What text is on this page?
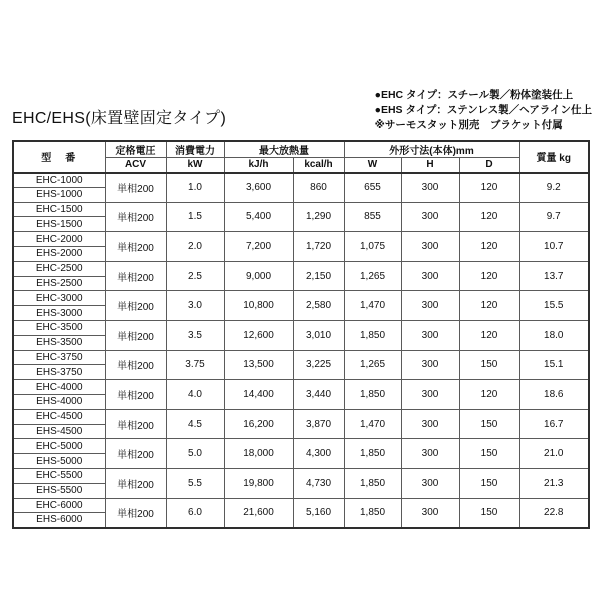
●EHC タイプ：スチール製／粉体塗装仕上
●EHS タイプ：ステンレス製／ヘアライン仕上
※サーモスタット別売　ブラケット付属
EHC/EHS(床置壁固定タイプ)
型　番	定格電圧	消費電力	最大放熱量		外形寸法(本体)mm			質量 kg
	ACV	kW	kJ/h	kcal/h	W	H	D	
EHC-1000	単相200	1.0	3,600	860	655	300	120	9.2
EHS-1000								
EHC-1500	単相200	1.5	5,400	1,290	855	300	120	9.7
EHS-1500								
EHC-2000	単相200	2.0	7,200	1,720	1,075	300	120	10.7
EHS-2000								
EHC-2500	単相200	2.5	9,000	2,150	1,265	300	120	13.7
EHS-2500								
EHC-3000	単相200	3.0	10,800	2,580	1,470	300	120	15.5
EHS-3000								
EHC-3500	単相200	3.5	12,600	3,010	1,850	300	120	18.0
EHS-3500								
EHC-3750	単相200	3.75	13,500	3,225	1,265	300	150	15.1
EHS-3750								
EHC-4000	単相200	4.0	14,400	3,440	1,850	300	120	18.6
EHS-4000								
EHC-4500	単相200	4.5	16,200	3,870	1,470	300	150	16.7
EHS-4500								
EHC-5000	単相200	5.0	18,000	4,300	1,850	300	150	21.0
EHS-5000								
EHC-5500	単相200	5.5	19,800	4,730	1,850	300	150	21.3
EHS-5500								
EHC-6000	単相200	6.0	21,600	5,160	1,850	300	150	22.8
EHS-6000								
